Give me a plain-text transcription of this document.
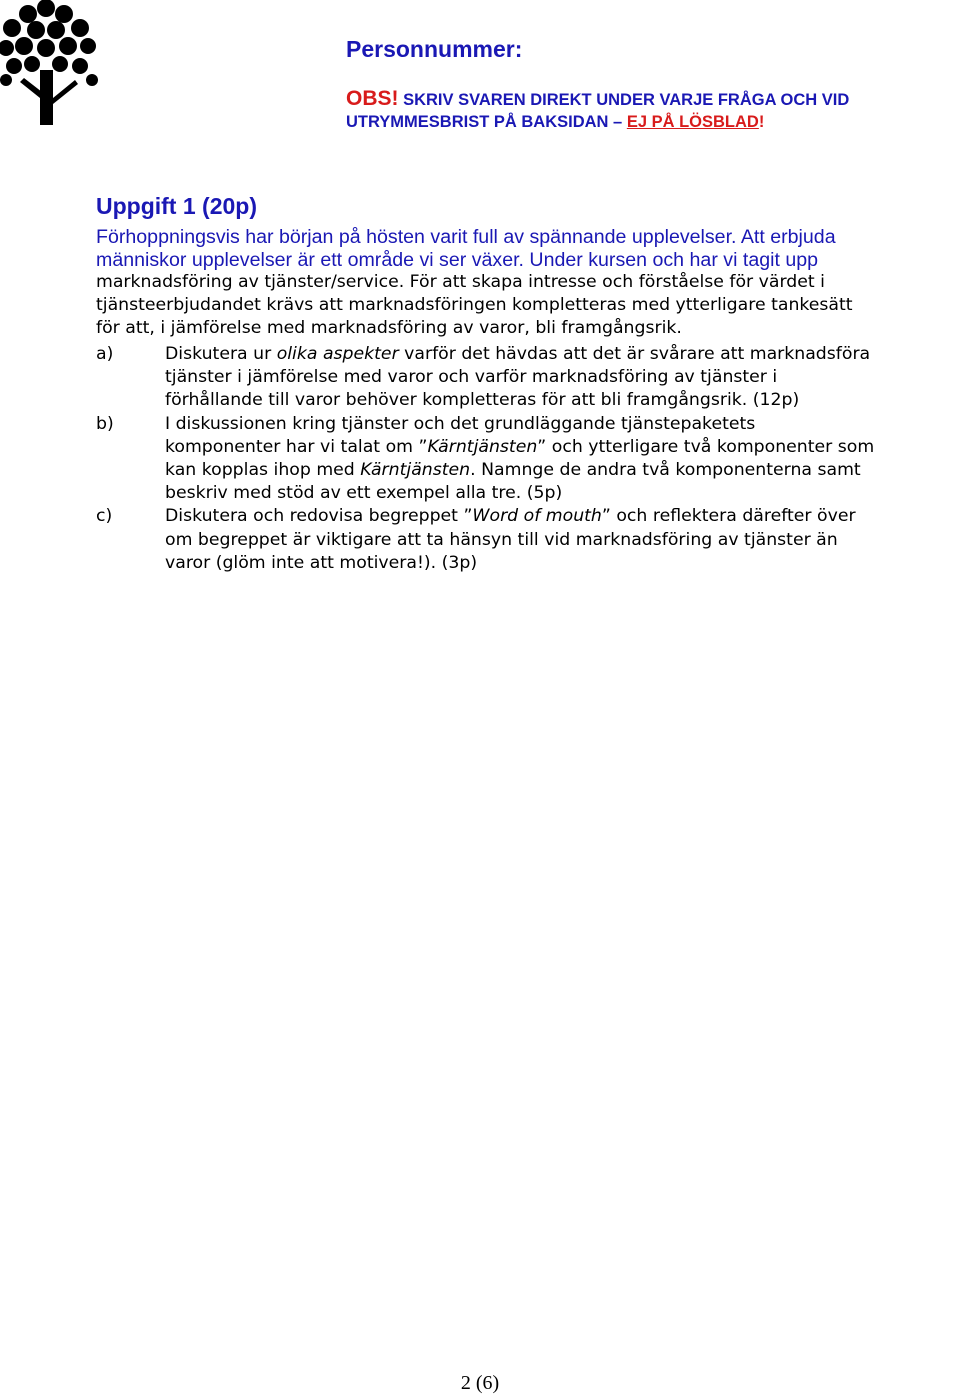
Personnummer:
OBS! SKRIV SVAREN DIREKT UNDER VARJE FRÅGA OCH VID
UTRYMMESBRIST PÅ BAKSIDAN – EJ PÅ LÖSBLAD!
Uppgift 1 (20p)
Förhoppningsvis har början på hösten varit full av spännande upplevelser. Att erbjuda
människor upplevelser är ett område vi ser växer. Under kursen och har vi tagit upp
marknadsföring av tjänster/service. För att skapa intresse och förståelse för värdet i
tjänsteerbjudandet krävs att marknadsföringen kompletteras med ytterligare tankesätt
för att, i jämförelse med marknadsföring av varor, bli framgångsrik.
a)	Diskutera ur olika aspekter varför det hävdas att det är svårare att marknadsföra
tjänster i jämförelse med varor och varför marknadsföring av tjänster i
förhållande till varor behöver kompletteras för att bli framgångsrik. (12p)
b)	I diskussionen kring tjänster och det grundläggande tjänstepaketets
komponenter har vi talat om ”Kärntjänsten” och ytterligare två komponenter som
kan kopplas ihop med Kärntjänsten. Namnge de andra två komponenterna samt
beskriv med stöd av ett exempel alla tre. (5p)
c)	Diskutera och redovisa begreppet ”Word of mouth” och reflektera därefter över
om begreppet är viktigare att ta hänsyn till vid marknadsföring av tjänster än
varor (glöm inte att motivera!). (3p)
2 (6)
